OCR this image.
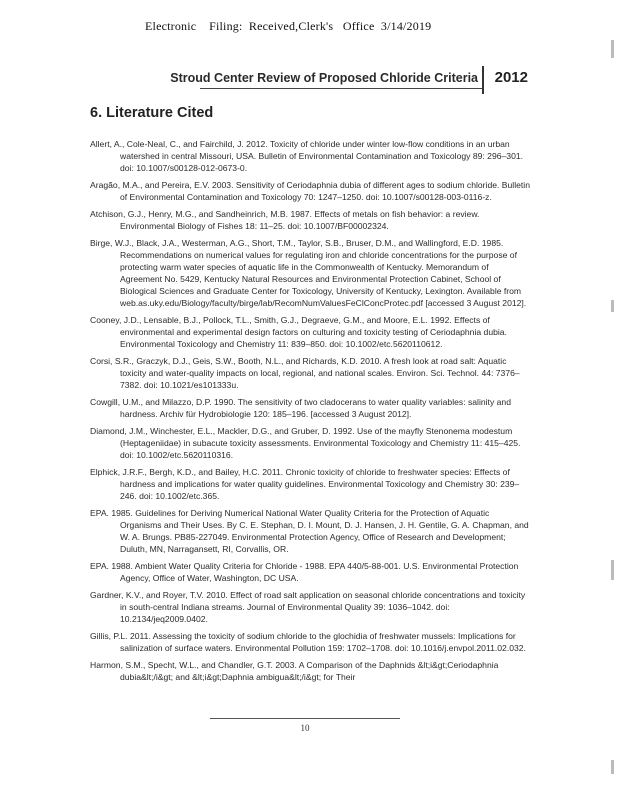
Electronic    Filing:  Received,Clerk's   Office  3/14/2019
Stroud Center Review of Proposed Chloride Criteria 2012
6. Literature Cited
Allert, A., Cole-Neal, C., and Fairchild, J. 2012. Toxicity of chloride under winter low-flow conditions in an urban watershed in central Missouri, USA. Bulletin of Environmental Contamination and Toxicology 89: 296–301. doi: 10.1007/s00128-012-0673-0.
Aragão, M.A., and Pereira, E.V. 2003. Sensitivity of Ceriodaphnia dubia of different ages to sodium chloride. Bulletin of Environmental Contamination and Toxicology 70: 1247–1250. doi: 10.1007/s00128-003-0116-z.
Atchison, G.J., Henry, M.G., and Sandheinrich, M.B. 1987. Effects of metals on fish behavior: a review. Environmental Biology of Fishes 18: 11–25. doi: 10.1007/BF00002324.
Birge, W.J., Black, J.A., Westerman, A.G., Short, T.M., Taylor, S.B., Bruser, D.M., and Wallingford, E.D. 1985. Recommendations on numerical values for regulating iron and chloride concentrations for the purpose of protecting warm water species of aquatic life in the Commonwealth of Kentucky. Memorandum of Agreement No. 5429, Kentucky Natural Resources and Environmental Protection Cabinet, School of Biological Sciences and Graduate Center for Toxicology, University of Kentucky, Lexington. Available from web.as.uky.edu/Biology/faculty/birge/lab/RecomNumValuesFeClConcProtec.pdf [accessed 3 August 2012].
Cooney, J.D., Lensable, B.J., Pollock, T.L., Smith, G.J., Degraeve, G.M., and Moore, E.L. 1992. Effects of environmental and experimental design factors on culturing and toxicity testing of Ceriodaphnia dubia. Environmental Toxicology and Chemistry 11: 839–850. doi: 10.1002/etc.5620110612.
Corsi, S.R., Graczyk, D.J., Geis, S.W., Booth, N.L., and Richards, K.D. 2010. A fresh look at road salt: Aquatic toxicity and water-quality impacts on local, regional, and national scales. Environ. Sci. Technol. 44: 7376–7382. doi: 10.1021/es101333u.
Cowgill, U.M., and Milazzo, D.P. 1990. The sensitivity of two cladocerans to water quality variables: salinity and hardness. Archiv für Hydrobiologie 120: 185–196. [accessed 3 August 2012].
Diamond, J.M., Winchester, E.L., Mackler, D.G., and Gruber, D. 1992. Use of the mayfly Stenonema modestum (Heptageniidae) in subacute toxicity assessments. Environmental Toxicology and Chemistry 11: 415–425. doi: 10.1002/etc.5620110316.
Elphick, J.R.F., Bergh, K.D., and Bailey, H.C. 2011. Chronic toxicity of chloride to freshwater species: Effects of hardness and implications for water quality guidelines. Environmental Toxicology and Chemistry 30: 239–246. doi: 10.1002/etc.365.
EPA. 1985. Guidelines for Deriving Numerical National Water Quality Criteria for the Protection of Aquatic Organisms and Their Uses. By C. E. Stephan, D. I. Mount, D. J. Hansen, J. H. Gentile, G. A. Chapman, and W. A. Brungs. PB85-227049. Environmental Protection Agency, Office of Research and Development; Duluth, MN, Narragansett, RI, Corvallis, OR.
EPA. 1988. Ambient Water Quality Criteria for Chloride - 1988. EPA 440/5-88-001. U.S. Environmental Protection Agency, Office of Water, Washington, DC USA.
Gardner, K.V., and Royer, T.V. 2010. Effect of road salt application on seasonal chloride concentrations and toxicity in south-central Indiana streams. Journal of Environmental Quality 39: 1036–1042. doi: 10.2134/jeq2009.0402.
Gillis, P.L. 2011. Assessing the toxicity of sodium chloride to the glochidia of freshwater mussels: Implications for salinization of surface waters. Environmental Pollution 159: 1702–1708. doi: 10.1016/j.envpol.2011.02.032.
Harmon, S.M., Specht, W.L., and Chandler, G.T. 2003. A Comparison of the Daphnids &lt;i&gt;Ceriodaphnia dubia&lt;/i&gt; and &lt;i&gt;Daphnia ambigua&lt;/i&gt; for Their
10
